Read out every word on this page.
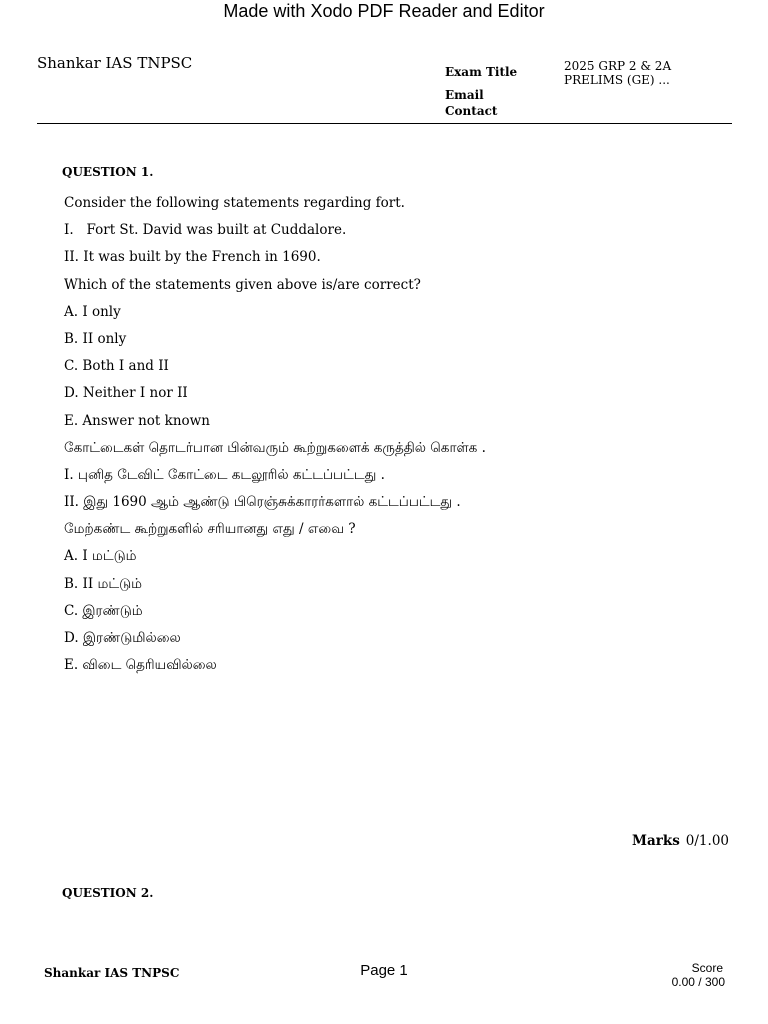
Made with Xodo PDF Reader and Editor
Shankar IAS TNPSC	Exam Title	2025 GRP 2 & 2A
PRELIMS (GE) ...
Email
Contact
QUESTION 1.
Consider the following statements regarding fort.
I.   Fort St. David was built at Cuddalore.
II. It was built by the French in 1690.
Which of the statements given above is/are correct?
A. I only
B. II only
C. Both I and II
D. Neither I nor II
E. Answer not known
கோட்டைகள் தொடர்பான பின்வரும் கூற்றுகளைக் கருத்தில் கொள்க .
I. புனித டேவிட் கோட்டை கடலூரில் கட்டப்பட்டது .
II. இது 1690 ஆம் ஆண்டு பிரெஞ்சுக்காரர்களால் கட்டப்பட்டது .
மேற்கண்ட கூற்றுகளில் சரியானது எது / எவை ?
A. I மட்டும்
B. II மட்டும்
C. இரண்டும்
D. இரண்டுமில்லை
E. விடை தெரியவில்லை
Marks 0/1.00
QUESTION 2.
Shankar IAS TNPSC	Page 1	Score
0.00 / 300
